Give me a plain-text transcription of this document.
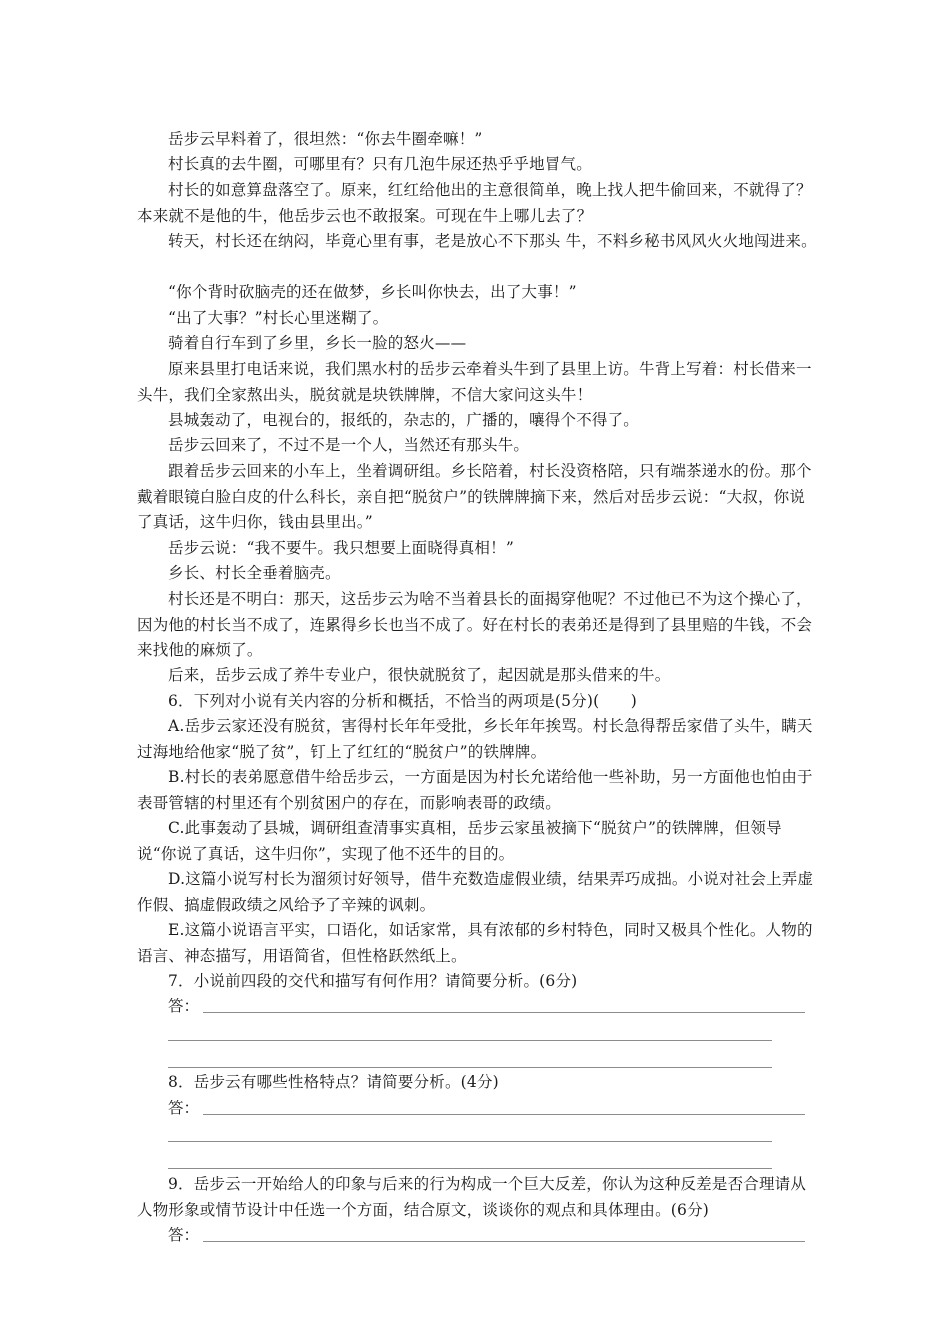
岳步云早料着了，很坦然：“你去牛圈牵嘛！”
村长真的去牛圈，可哪里有？只有几泡牛尿还热乎乎地冒气。
村长的如意算盘落空了。原来，红红给他出的主意很简单，晚上找人把牛偷回来，不就得了？本来就不是他的牛，他岳步云也不敢报案。可现在牛上哪儿去了？
转天，村长还在纳闷，毕竟心里有事，老是放心不下那头 牛，不料乡秘书风风火火地闯进来。
“你个背时砍脑壳的还在做梦，乡长叫你快去，出了大事！”
“出了大事？”村长心里迷糊了。
骑着自行车到了乡里，乡长一脸的怒火——
原来县里打电话来说，我们黑水村的岳步云牵着头牛到了县里上访。牛背上写着：村长借来一头牛，我们全家熬出头，脱贫就是块铁牌牌，不信大家问这头牛！
县城轰动了，电视台的，报纸的，杂志的，广播的，嚷得个不得了。
岳步云回来了，不过不是一个人，当然还有那头牛。
跟着岳步云回来的小车上，坐着调研组。乡长陪着，村长没资格陪，只有端茶递水的份。那个戴着眼镜白脸白皮的什么科长，亲自把“脱贫户”的铁牌牌摘下来，然后对岳步云说：“大叔，你说了真话，这牛归你，钱由县里出。”
岳步云说：“我不要牛。我只想要上面晓得真相！”
乡长、村长全垂着脑壳。
村长还是不明白：那天，这岳步云为啥不当着县长的面揭穿他呢？不过他已不为这个操心了，因为他的村长当不成了，连累得乡长也当不成了。好在村长的表弟还是得到了县里赔的牛钱，不会来找他的麻烦了。
后来，岳步云成了养牛专业户，很快就脱贫了，起因就是那头借来的牛。
6．下列对小说有关内容的分析和概括，不恰当的两项是(5分)(　　)
A.岳步云家还没有脱贫，害得村长年年受批，乡长年年挨骂。村长急得帮岳家借了头牛，瞒天过海地给他家“脱了贫”，钉上了红红的“脱贫户”的铁牌牌。
B.村长的表弟愿意借牛给岳步云，一方面是因为村长允诺给他一些补助，另一方面他也怕由于表哥管辖的村里还有个别贫困户的存在，而影响表哥的政绩。
C.此事轰动了县城，调研组查清事实真相，岳步云家虽被摘下“脱贫户”的铁牌牌，但领导说“你说了真话，这牛归你”，实现了他不还牛的目的。
D.这篇小说写村长为溜须讨好领导，借牛充数造虚假业绩，结果弄巧成拙。小说对社会上弄虚作假、搞虚假政绩之风给予了辛辣的讽刺。
E.这篇小说语言平实，口语化，如话家常，具有浓郁的乡村特色，同时又极具个性化。人物的语言、神态描写，用语简省，但性格跃然纸上。
7．小说前四段的交代和描写有何作用？请简要分析。(6分)
答：
8．岳步云有哪些性格特点？请简要分析。(4分)
答：
9．岳步云一开始给人的印象与后来的行为构成一个巨大反差，你认为这种反差是否合理请从人物形象或情节设计中任选一个方面，结合原文，谈谈你的观点和具体理由。(6分)
答：
